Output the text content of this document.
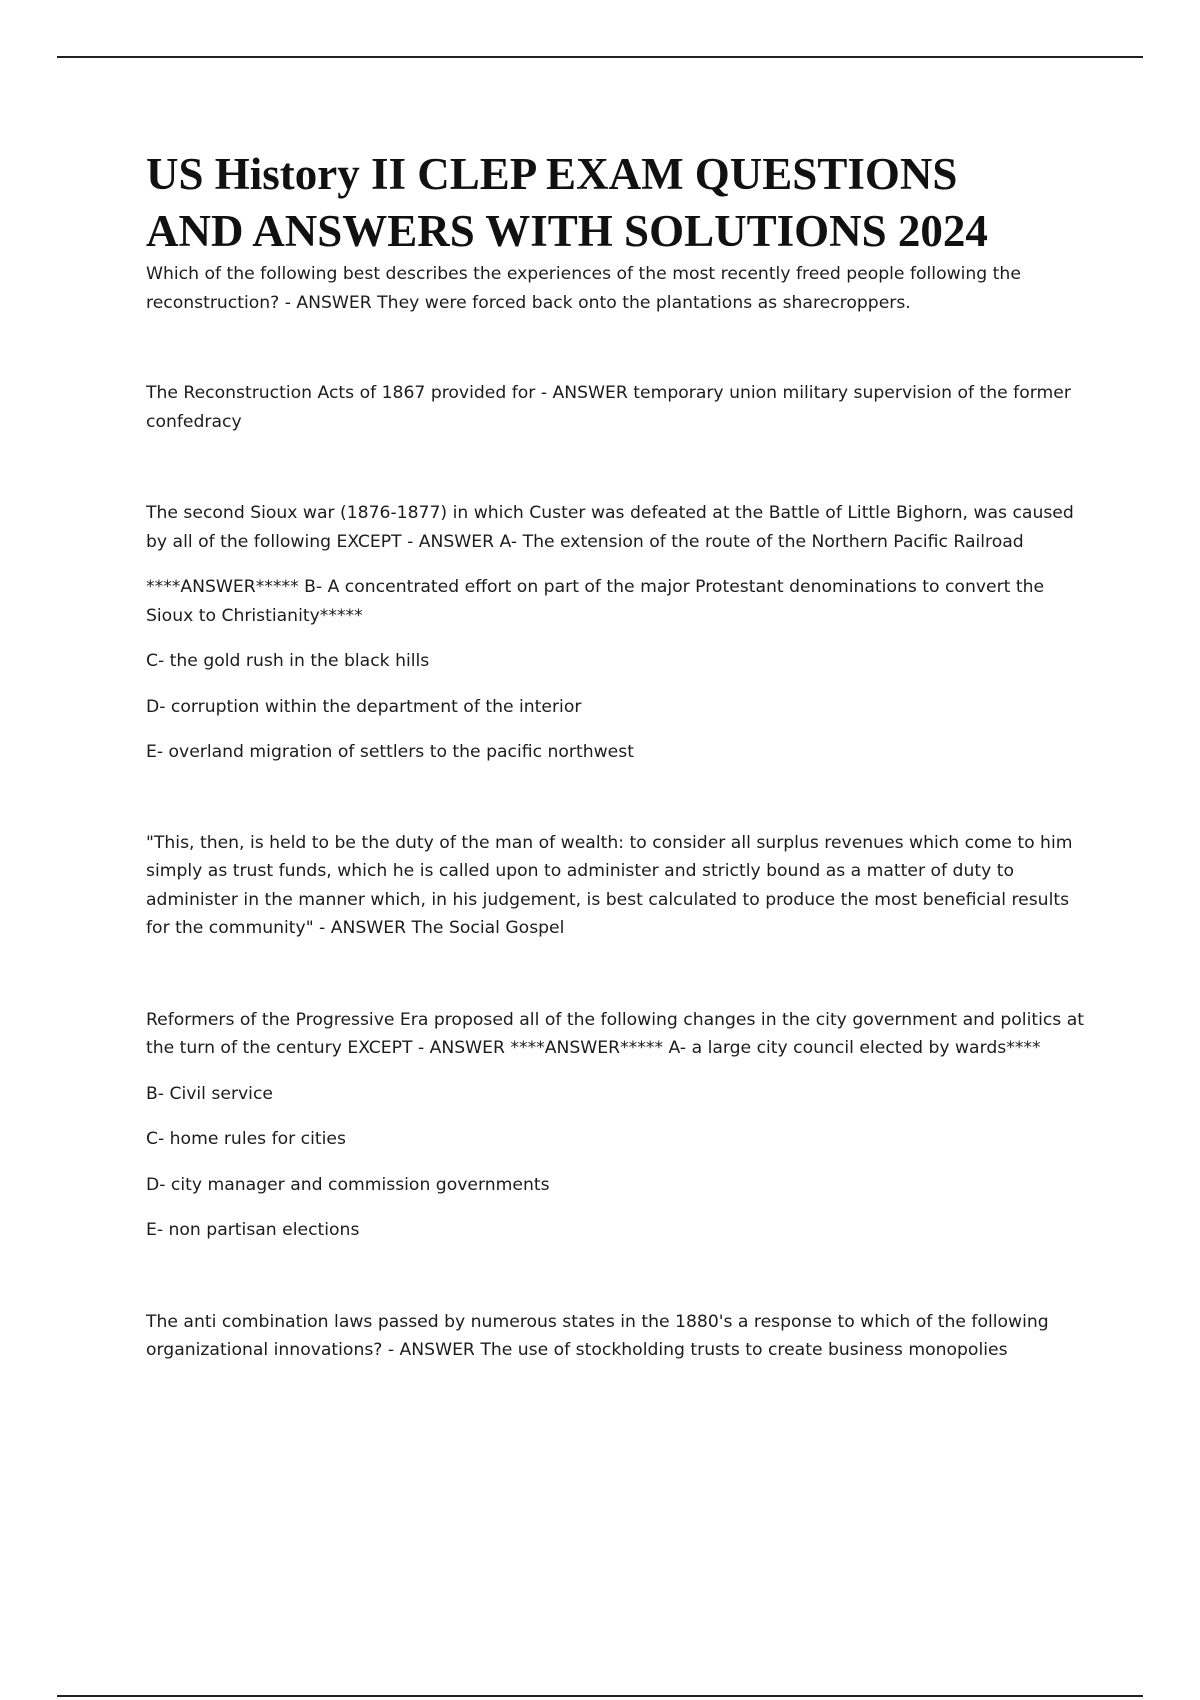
US History II CLEP EXAM QUESTIONS
AND ANSWERS WITH SOLUTIONS 2024

Which of the following best describes the experiences of the most recently freed people following the reconstruction? - ANSWER They were forced back onto the plantations as sharecroppers.

The Reconstruction Acts of 1867 provided for - ANSWER temporary union military supervision of the former confedracy

The second Sioux war (1876-1877) in which Custer was defeated at the Battle of Little Bighorn, was caused by all of the following EXCEPT - ANSWER A- The extension of the route of the Northern Pacific Railroad

****ANSWER***** B- A concentrated effort on part of the major Protestant denominations to convert the Sioux to Christianity*****

C- the gold rush in the black hills

D- corruption within the department of the interior

E- overland migration of settlers to the pacific northwest

"This, then, is held to be the duty of the man of wealth: to consider all surplus revenues which come to him simply as trust funds, which he is called upon to administer and strictly bound as a matter of duty to administer in the manner which, in his judgement, is best calculated to produce the most beneficial results for the community" - ANSWER The Social Gospel

Reformers of the Progressive Era proposed all of the following changes in the city government and politics at the turn of the century EXCEPT - ANSWER ****ANSWER***** A- a large city council elected by wards****

B- Civil service

C- home rules for cities

D- city manager and commission governments

E- non partisan elections

The anti combination laws passed by numerous states in the 1880's a response to which of the following organizational innovations? - ANSWER The use of stockholding trusts to create business monopolies
